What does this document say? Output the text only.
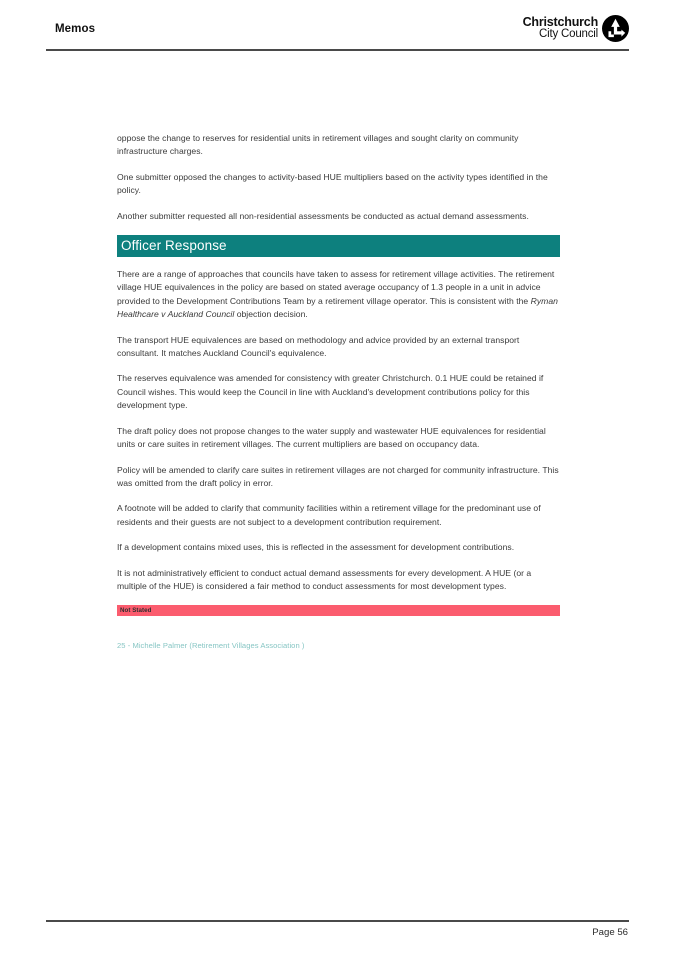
Memos	Christchurch
City Council

oppose the change to reserves for residential units in retirement villages and sought clarity on community infrastructure charges.

One submitter opposed the changes to activity-based HUE multipliers based on the activity types identified in the policy.

Another submitter requested all non-residential assessments be conducted as actual demand assessments.

Officer Response

There are a range of approaches that councils have taken to assess for retirement village activities. The retirement village HUE equivalences in the policy are based on stated average occupancy of 1.3 people in a unit in advice provided to the Development Contributions Team by a retirement village operator. This is consistent with the Ryman Healthcare v Auckland Council objection decision.

The transport HUE equivalences are based on methodology and advice provided by an external transport consultant. It matches Auckland Council's equivalence.

The reserves equivalence was amended for consistency with greater Christchurch. 0.1 HUE could be retained if Council wishes. This would keep the Council in line with Auckland's development contributions policy for this development type.

The draft policy does not propose changes to the water supply and wastewater HUE equivalences for residential units or care suites in retirement villages. The current multipliers are based on occupancy data.

Policy will be amended to clarify care suites in retirement villages are not charged for community infrastructure. This was omitted from the draft policy in error.

A footnote will be added to clarify that community facilities within a retirement village for the predominant use of residents and their guests are not subject to a development contribution requirement.

If a development contains mixed uses, this is reflected in the assessment for development contributions.

It is not administratively efficient to conduct actual demand assessments for every development. A HUE (or a multiple of the HUE) is considered a fair method to conduct assessments for most development types.

Not Stated
25 - Michelle Palmer (Retirement Villages Association )
Page 56
